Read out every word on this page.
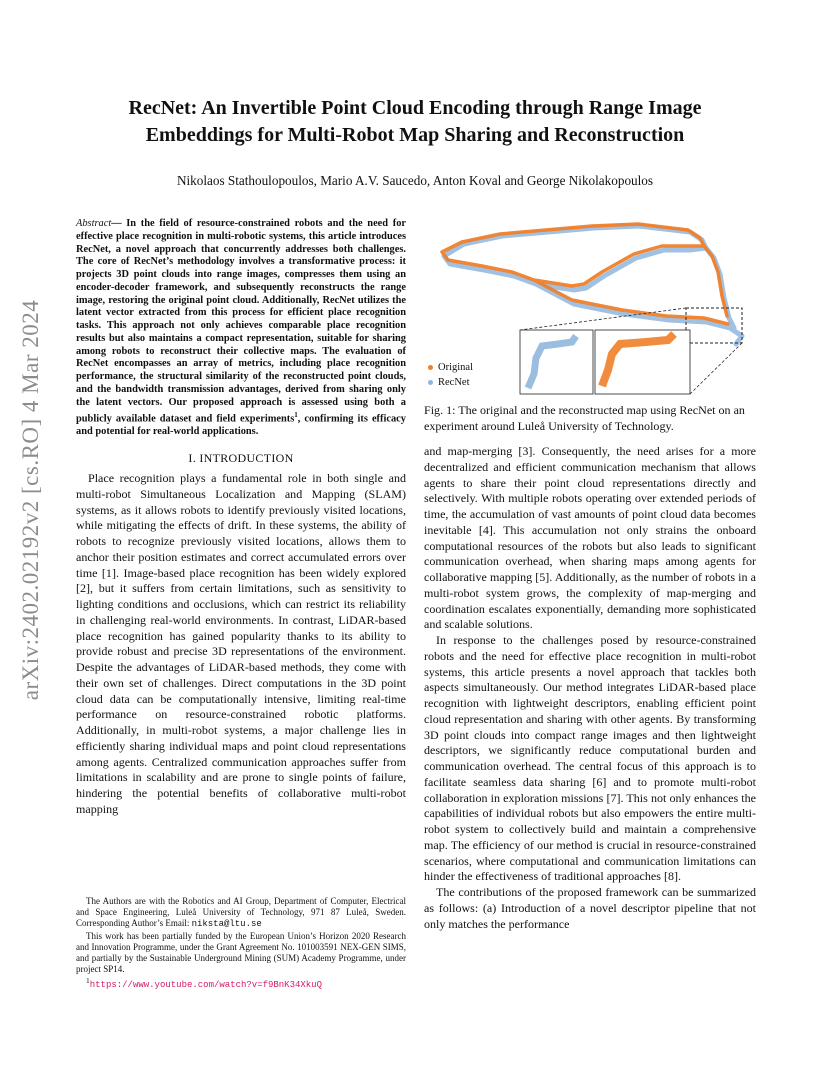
arXiv:2402.02192v2 [cs.RO] 4 Mar 2024
RecNet: An Invertible Point Cloud Encoding through Range Image
Embeddings for Multi-Robot Map Sharing and Reconstruction
Nikolaos Stathoulopoulos, Mario A.V. Saucedo, Anton Koval and George Nikolakopoulos

Abstract— In the field of resource-constrained robots and the need for effective place recognition in multi-robotic systems, this article introduces RecNet, a novel approach that concurrently addresses both challenges. The core of RecNet’s methodology involves a transformative process: it projects 3D point clouds into range images, compresses them using an encoder-decoder framework, and subsequently reconstructs the range image, restoring the original point cloud. Additionally, RecNet utilizes the latent vector extracted from this process for efficient place recognition tasks. This approach not only achieves comparable place recognition results but also maintains a compact representation, suitable for sharing among robots to reconstruct their collective maps. The evaluation of RecNet encompasses an array of metrics, including place recognition performance, the structural similarity of the reconstructed point clouds, and the bandwidth transmission advantages, derived from sharing only the latent vectors. Our proposed approach is assessed using both a publicly available dataset and field experiments$^1$, confirming its efficacy and potential for real-world applications.

I. INTRODUCTION

Place recognition plays a fundamental role in both single and multi-robot Simultaneous Localization and Mapping (SLAM) systems, as it allows robots to identify previously visited locations, while mitigating the effects of drift. In these systems, the ability of robots to recognize previously visited locations, allows them to anchor their position estimates and correct accumulated errors over time [1]. Image-based place recognition has been widely explored [2], but it suffers from certain limitations, such as sensitivity to lighting conditions and occlusions, which can restrict its reliability in challenging real-world environments. In contrast, LiDAR-based place recognition has gained popularity thanks to its ability to provide robust and precise 3D representations of the environment. Despite the advantages of LiDAR-based methods, they come with their own set of challenges. Direct computations in the 3D point cloud data can be computationally intensive, limiting real-time performance on resource-constrained robotic platforms. Additionally, in multi-robot systems, a major challenge lies in efficiently sharing individual maps and point cloud representations among agents. Centralized communication approaches suffer from limitations in scalability and are prone to single points of failure, hindering the potential benefits of collaborative multi-robot mapping

The Authors are with the Robotics and AI Group, Department of Computer, Electrical and Space Engineering, Luleå University of Technology, 971 87 Luleå, Sweden. Corresponding Author’s Email: niksta@ltu.se

This work has been partially funded by the European Union’s Horizon 2020 Research and Innovation Programme, under the Grant Agreement No. 101003591 NEX-GEN SIMS, and partially by the Sustainable Underground Mining (SUM) Academy Programme, under project SP14.

$^1$https://www.youtube.com/watch?v=f9BnK34XkuQ

Original
RecNet

Fig. 1: The original and the reconstructed map using RecNet on an experiment around Luleå University of Technology.

and map-merging [3]. Consequently, the need arises for a more decentralized and efficient communication mechanism that allows agents to share their point cloud representations directly and selectively. With multiple robots operating over extended periods of time, the accumulation of vast amounts of point cloud data becomes inevitable [4]. This accumulation not only strains the onboard computational resources of the robots but also leads to significant communication overhead, when sharing maps among agents for collaborative mapping [5]. Additionally, as the number of robots in a multi-robot system grows, the complexity of map-merging and coordination escalates exponentially, demanding more sophisticated and scalable solutions.

In response to the challenges posed by resource-constrained robots and the need for effective place recognition in multi-robot systems, this article presents a novel approach that tackles both aspects simultaneously. Our method integrates LiDAR-based place recognition with lightweight descriptors, enabling efficient point cloud representation and sharing with other agents. By transforming 3D point clouds into compact range images and then lightweight descriptors, we significantly reduce computational burden and communication overhead. The central focus of this approach is to facilitate seamless data sharing [6] and to promote multi-robot collaboration in exploration missions [7]. This not only enhances the capabilities of individual robots but also empowers the entire multi-robot system to collectively build and maintain a comprehensive map. The efficiency of our method is crucial in resource-constrained scenarios, where computational and communication limitations can hinder the effectiveness of traditional approaches [8].

The contributions of the proposed framework can be summarized as follows: (a) Introduction of a novel descriptor pipeline that not only matches the performance
